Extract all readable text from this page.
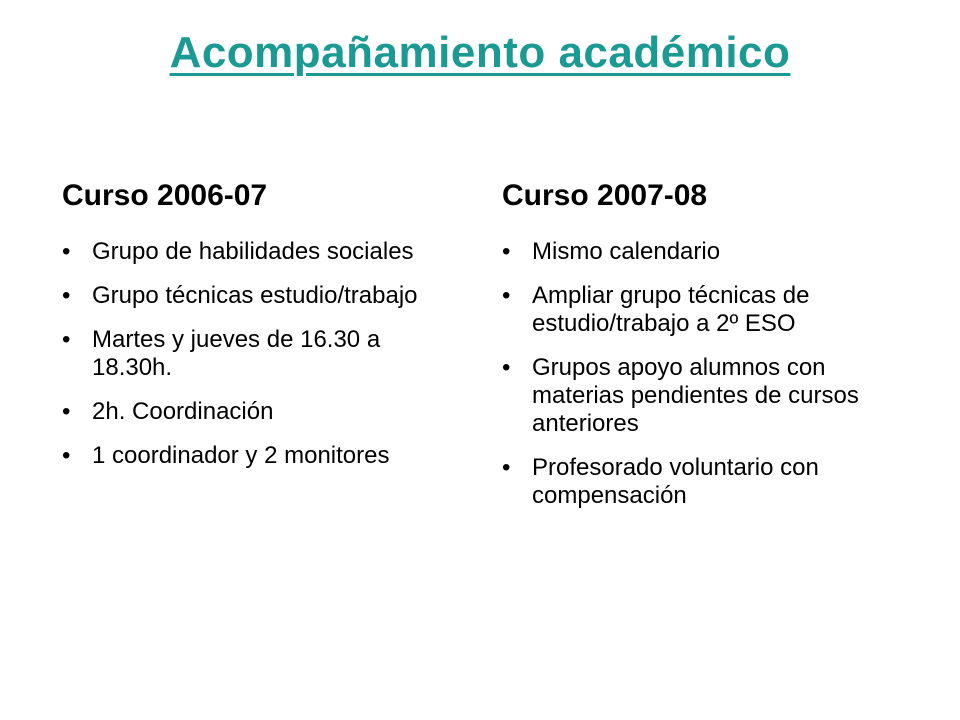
Acompañamiento académico
Curso 2006-07
• Grupo de habilidades sociales
• Grupo técnicas estudio/trabajo
• Martes y jueves de 16.30 a 18.30h.
• 2h. Coordinación
• 1 coordinador y 2 monitores
Curso 2007-08
• Mismo calendario
• Ampliar grupo técnicas de estudio/trabajo a 2º ESO
• Grupos apoyo alumnos con materias pendientes de cursos anteriores
• Profesorado voluntario con compensación
